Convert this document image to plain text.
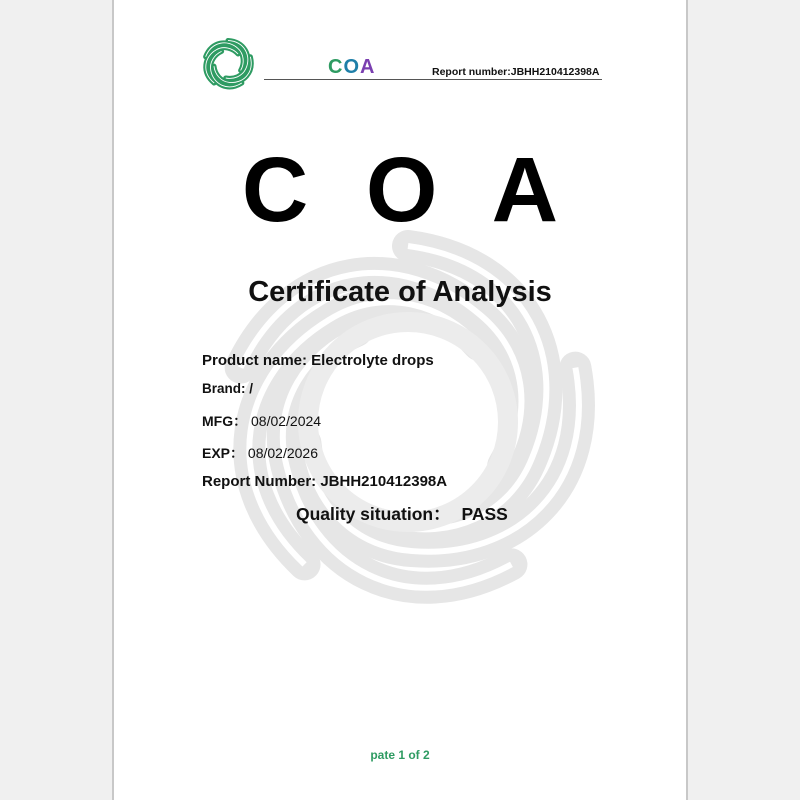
COA	Report number:JBHH210412398A
C O A
Certificate of Analysis
Product name: Electrolyte drops
Brand: /
MFG： 08/02/2024
EXP： 08/02/2026
Report Number: JBHH210412398A
Quality situation： PASS
pate 1 of 2
